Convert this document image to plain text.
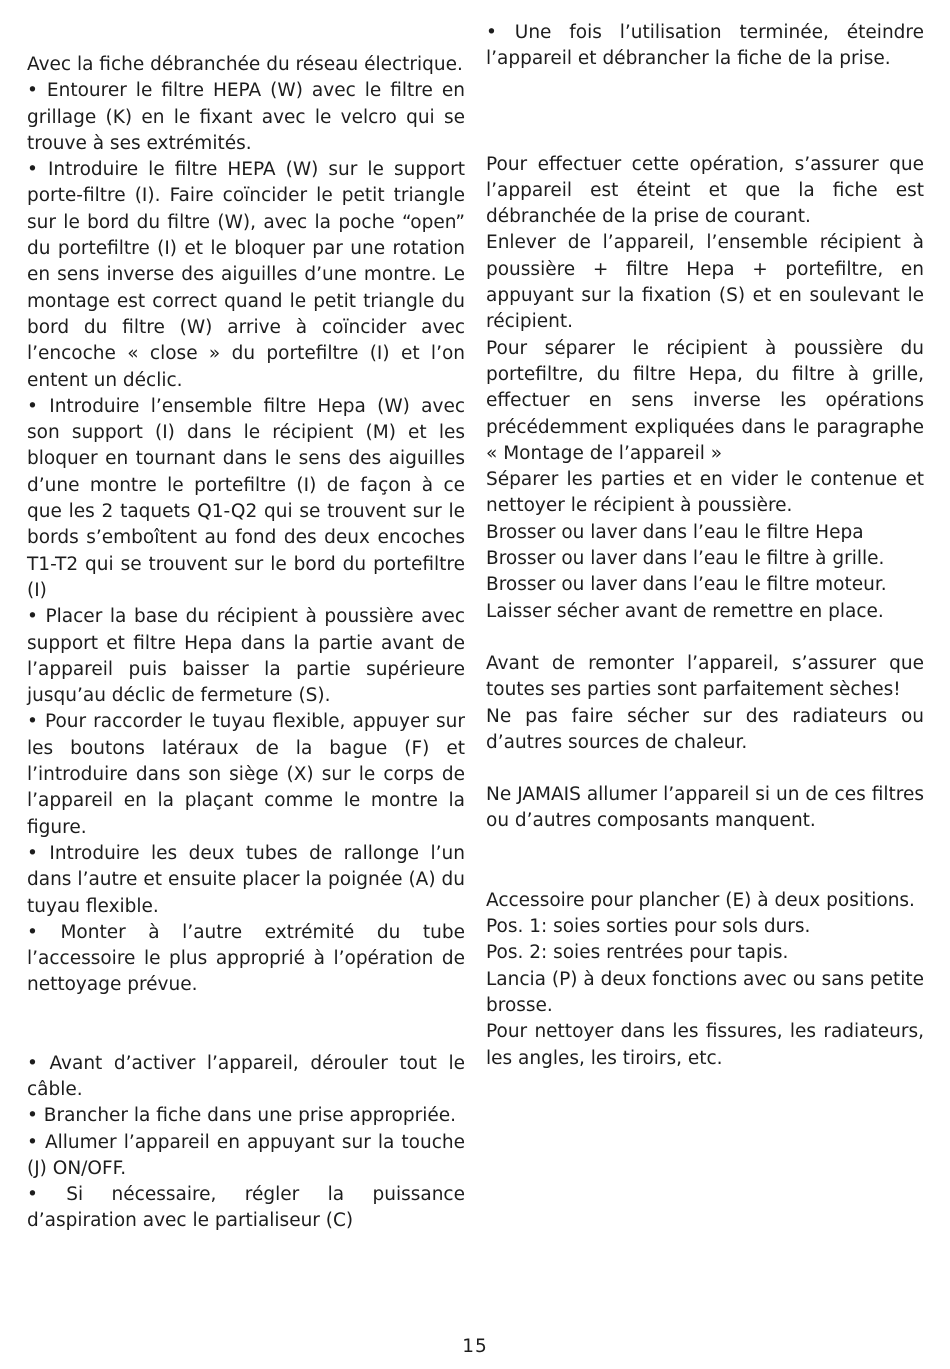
Avec la fiche débranchée du réseau électrique.

• Entourer le filtre HEPA (W) avec le filtre en grillage (K) en le fixant avec le velcro qui se trouve à ses extrémités.

• Introduire le filtre HEPA (W) sur le support porte-filtre (I). Faire coïncider le petit triangle sur le bord du filtre (W), avec la poche “open” du portefiltre (I) et le bloquer par une rotation en sens inverse des aiguilles d’une montre. Le montage est correct quand le petit triangle du bord du filtre (W) arrive à coïncider avec l’encoche « close » du portefiltre (I) et l’on entent un déclic.

• Introduire l’ensemble filtre Hepa (W) avec son support (I) dans le récipient (M) et les bloquer en tournant dans le sens des aiguilles d’une montre le portefiltre (I) de façon à ce que les 2 taquets Q1-Q2 qui se trouvent sur le bords s’emboîtent au fond des deux encoches T1-T2 qui se trouvent sur le bord du portefiltre (I)

• Placer la base du récipient à poussière avec support et filtre Hepa dans la partie avant de l’appareil puis baisser la partie supérieure jusqu’au déclic de fermeture (S).

• Pour raccorder le tuyau flexible, appuyer sur les boutons latéraux de la bague (F) et l’introduire dans son siège (X) sur le corps de l’appareil en la plaçant comme le montre la figure.

• Introduire les deux tubes de rallonge l’un dans l’autre et ensuite placer la poignée (A) du tuyau flexible.

• Monter à l’autre extrémité du tube l’accessoire le plus approprié à l’opération de nettoyage prévue.

• Avant d’activer l’appareil, dérouler tout le câble.

• Brancher la fiche dans une prise appropriée.

• Allumer l’appareil en appuyant sur la touche (J) ON/OFF.

• Si nécessaire, régler la puissance d’aspiration avec le partialiseur (C)

• Une fois l’utilisation terminée, éteindre l’appareil et débrancher la fiche de la prise.

Pour effectuer cette opération, s’assurer que l’appareil est éteint et que la fiche est débranchée de la prise de courant.

Enlever de l’appareil, l’ensemble récipient à poussière + filtre Hepa + portefiltre, en appuyant sur la fixation (S) et en soulevant le récipient.

Pour séparer le récipient à poussière du portefiltre, du filtre Hepa, du filtre à grille, effectuer en sens inverse les opérations précédemment expliquées dans le paragraphe « Montage de l’appareil »

Séparer les parties et en vider le contenue et nettoyer le récipient à poussière.

Brosser ou laver dans l’eau le filtre Hepa

Brosser ou laver dans l’eau le filtre à grille.

Brosser ou laver dans l’eau le filtre moteur.

Laisser sécher avant de remettre en place.

Avant de remonter l’appareil, s’assurer que toutes ses parties sont parfaitement sèches!

Ne pas faire sécher sur des radiateurs ou d’autres sources de chaleur.

Ne JAMAIS allumer l’appareil si un de ces filtres ou d’autres composants manquent.

Accessoire pour plancher (E) à deux positions.

Pos. 1: soies sorties pour sols durs.

Pos. 2: soies rentrées pour tapis.

Lancia (P) à deux fonctions avec ou sans petite brosse.

Pour nettoyer dans les fissures, les radiateurs, les angles, les tiroirs, etc.

15
